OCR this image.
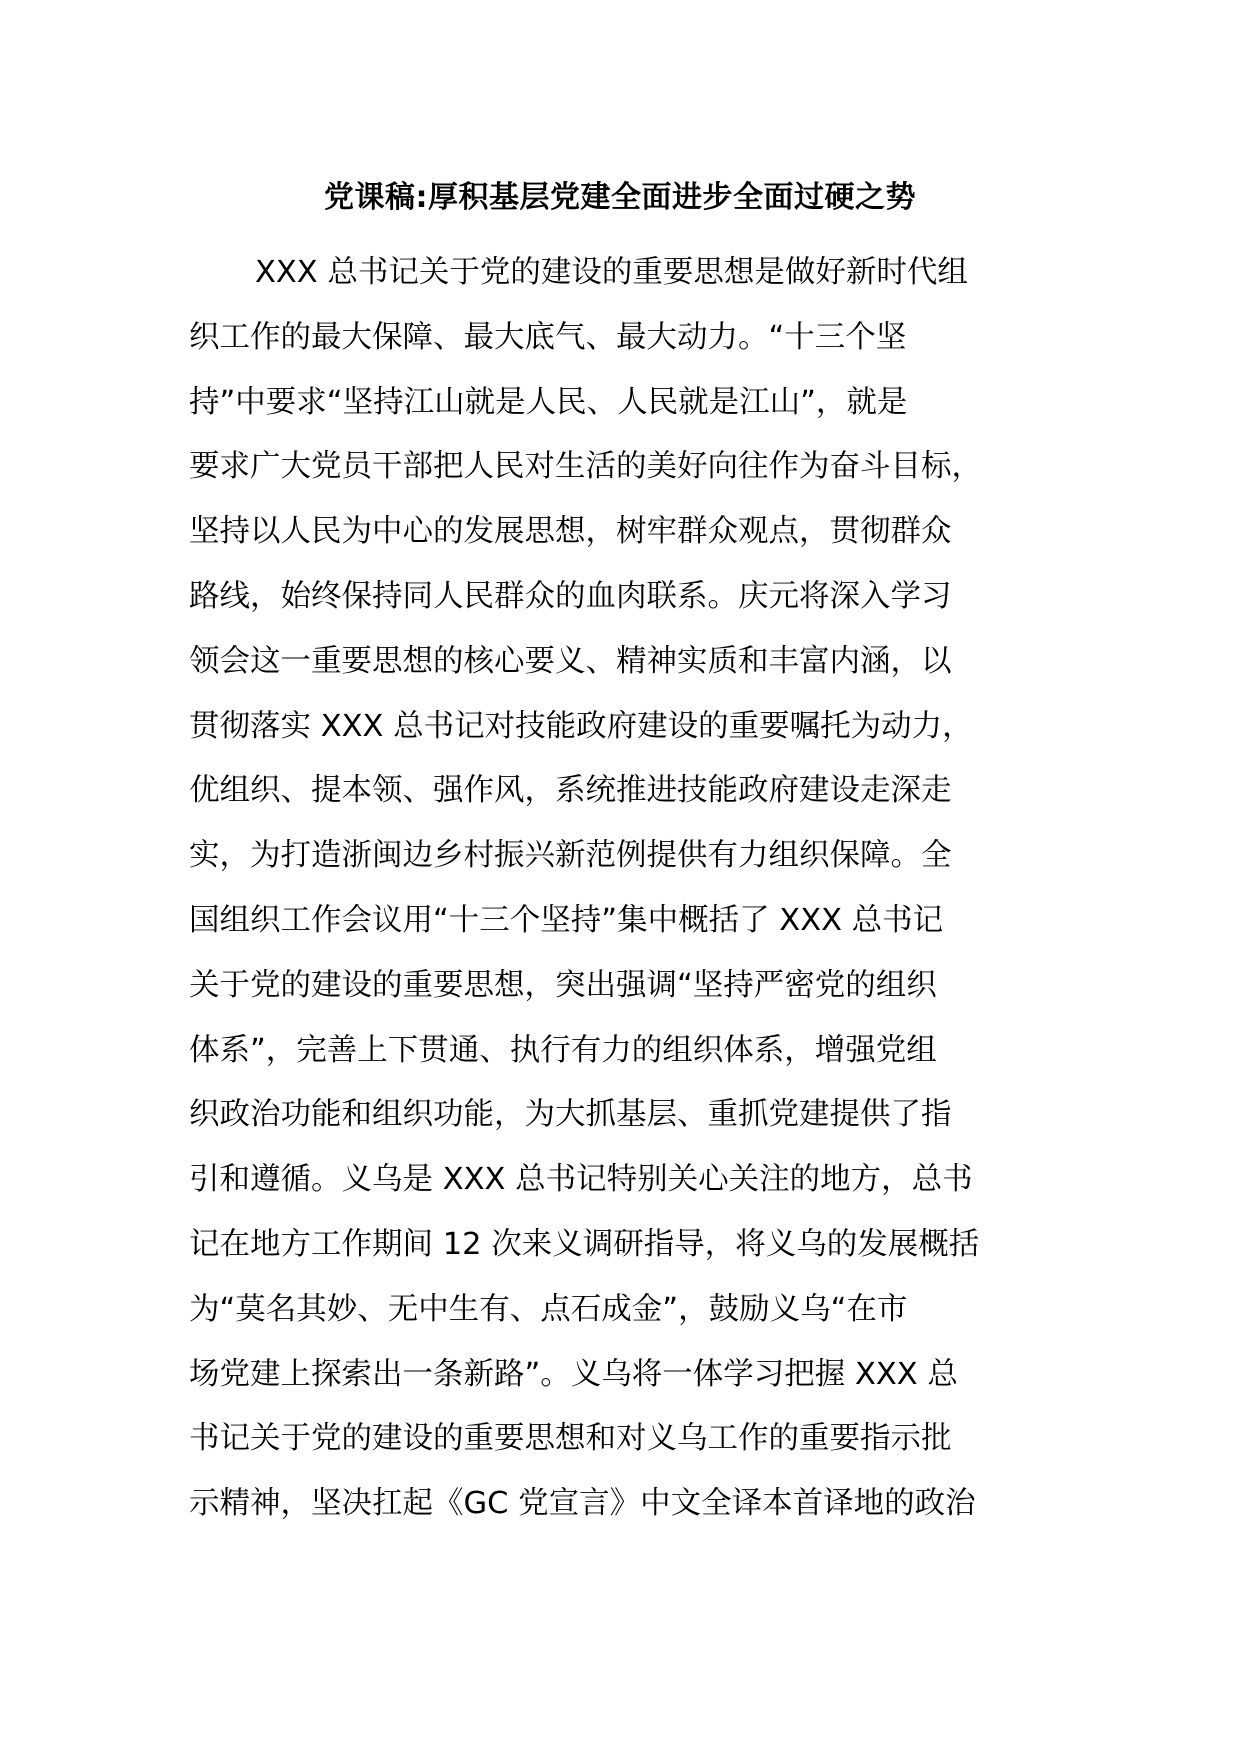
党课稿:厚积基层党建全面进步全面过硬之势
XXX 总书记关于党的建设的重要思想是做好新时代组
织工作的最大保障、最大底气、最大动力。“十三个坚
持”中要求“坚持江山就是人民、人民就是江山”，就是
要求广大党员干部把人民对生活的美好向往作为奋斗目标，
坚持以人民为中心的发展思想，树牢群众观点，贯彻群众
路线，始终保持同人民群众的血肉联系。庆元将深入学习
领会这一重要思想的核心要义、精神实质和丰富内涵，以
贯彻落实 XXX 总书记对技能政府建设的重要嘱托为动力，
优组织、提本领、强作风，系统推进技能政府建设走深走
实，为打造浙闽边乡村振兴新范例提供有力组织保障。全
国组织工作会议用“十三个坚持”集中概括了 XXX 总书记
关于党的建设的重要思想，突出强调“坚持严密党的组织
体系”，完善上下贯通、执行有力的组织体系，增强党组
织政治功能和组织功能，为大抓基层、重抓党建提供了指
引和遵循。义乌是 XXX 总书记特别关心关注的地方，总书
记在地方工作期间 12 次来义调研指导，将义乌的发展概括
为“莫名其妙、无中生有、点石成金”，鼓励义乌“在市
场党建上探索出一条新路”。义乌将一体学习把握 XXX 总
书记关于党的建设的重要思想和对义乌工作的重要指示批
示精神，坚决扛起《GC 党宣言》中文全译本首译地的政治
